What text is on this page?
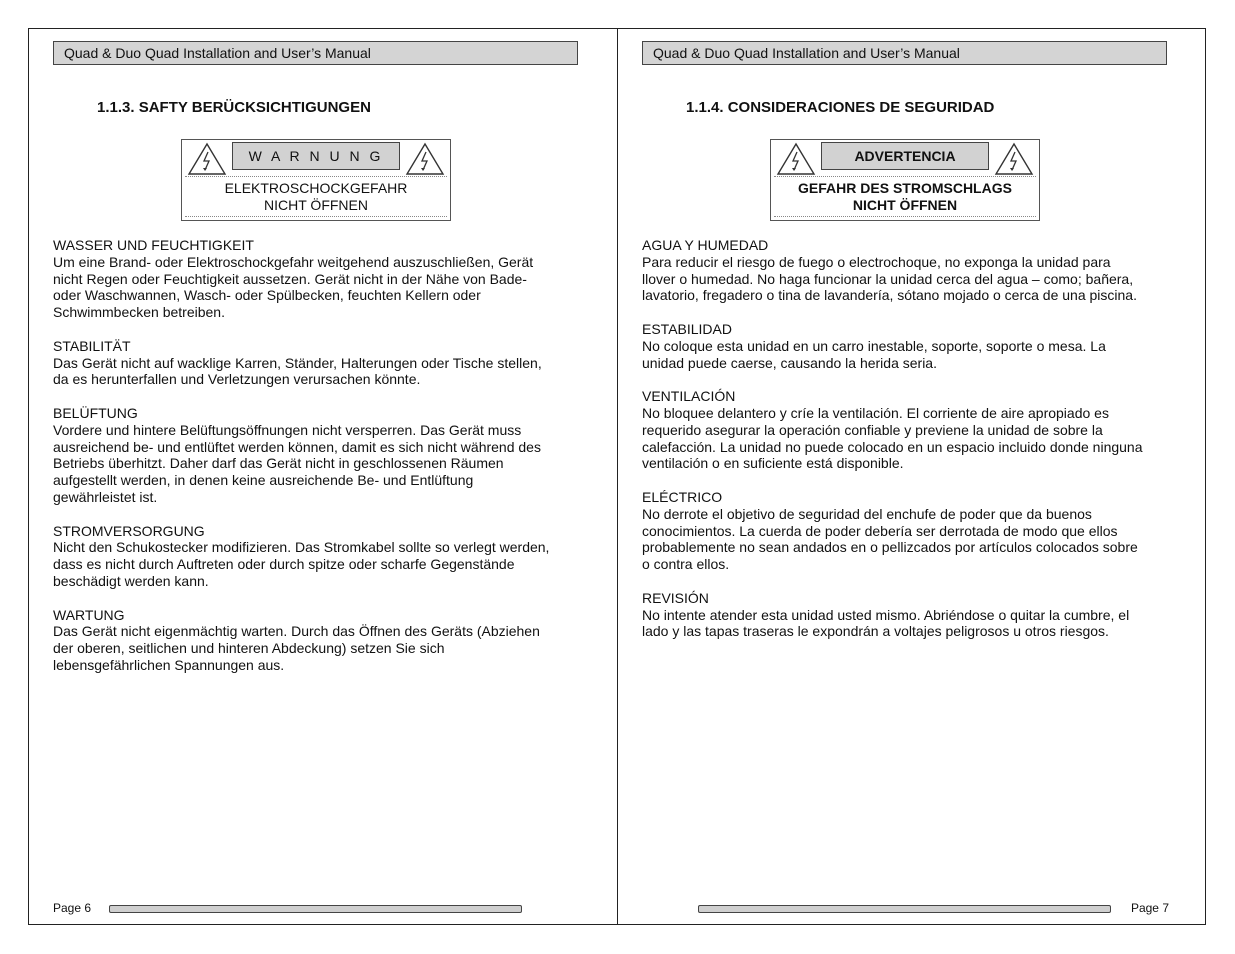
Quad & Duo Quad Installation and User’s Manual
1.1.3. SAFTY BERÜCKSICHTIGUNGEN
W A R N U N G
ELEKTROSCHOCKGEFAHR
NICHT ÖFFNEN
WASSER UND FEUCHTIGKEIT
Um eine Brand- oder Elektroschockgefahr weitgehend auszuschließen, Gerät
nicht Regen oder Feuchtigkeit aussetzen. Gerät nicht in der Nähe von Bade-
oder Waschwannen, Wasch- oder Spülbecken, feuchten Kellern oder
Schwimmbecken betreiben.
STABILITÄT
Das Gerät nicht auf wacklige Karren, Ständer, Halterungen oder Tische stellen,
da es herunterfallen und Verletzungen verursachen könnte.
BELÜFTUNG
Vordere und hintere Belüftungsöffnungen nicht versperren. Das Gerät muss
ausreichend be- und entlüftet werden können, damit es sich nicht während des
Betriebs überhitzt. Daher darf das Gerät nicht in geschlossenen Räumen
aufgestellt werden, in denen keine ausreichende Be- und Entlüftung
gewährleistet ist.
STROMVERSORGUNG
Nicht den Schukostecker modifizieren. Das Stromkabel sollte so verlegt werden,
dass es nicht durch Auftreten oder durch spitze oder scharfe Gegenstände
beschädigt werden kann.
WARTUNG
Das Gerät nicht eigenmächtig warten. Durch das Öffnen des Geräts (Abziehen
der oberen, seitlichen und hinteren Abdeckung) setzen Sie sich
lebensgefährlichen Spannungen aus.
Page 6
Quad & Duo Quad Installation and User’s Manual
1.1.4. CONSIDERACIONES DE SEGURIDAD
ADVERTENCIA
GEFAHR DES STROMSCHLAGS
NICHT ÖFFNEN
AGUA Y HUMEDAD
Para reducir el riesgo de fuego o electrochoque, no exponga la unidad para
llover o humedad. No haga funcionar la unidad cerca del agua – como; bañera,
lavatorio, fregadero o tina de lavandería, sótano mojado o cerca de una piscina.
ESTABILIDAD
No coloque esta unidad en un carro inestable, soporte, soporte o mesa. La
unidad puede caerse, causando la herida seria.
VENTILACIÓN
No bloquee delantero y críe la ventilación. El corriente de aire apropiado es
requerido asegurar la operación confiable y previene la unidad de sobre la
calefacción. La unidad no puede colocado en un espacio incluido donde ninguna
ventilación o en suficiente está disponible.
ELÉCTRICO
No derrote el objetivo de seguridad del enchufe de poder que da buenos
conocimientos. La cuerda de poder debería ser derrotada de modo que ellos
probablemente no sean andados en o pellizcados por artículos colocados sobre
o contra ellos.
REVISIÓN
No intente atender esta unidad usted mismo. Abriéndose o quitar la cumbre, el
lado y las tapas traseras le expondrán a voltajes peligrosos u otros riesgos.
Page 7
